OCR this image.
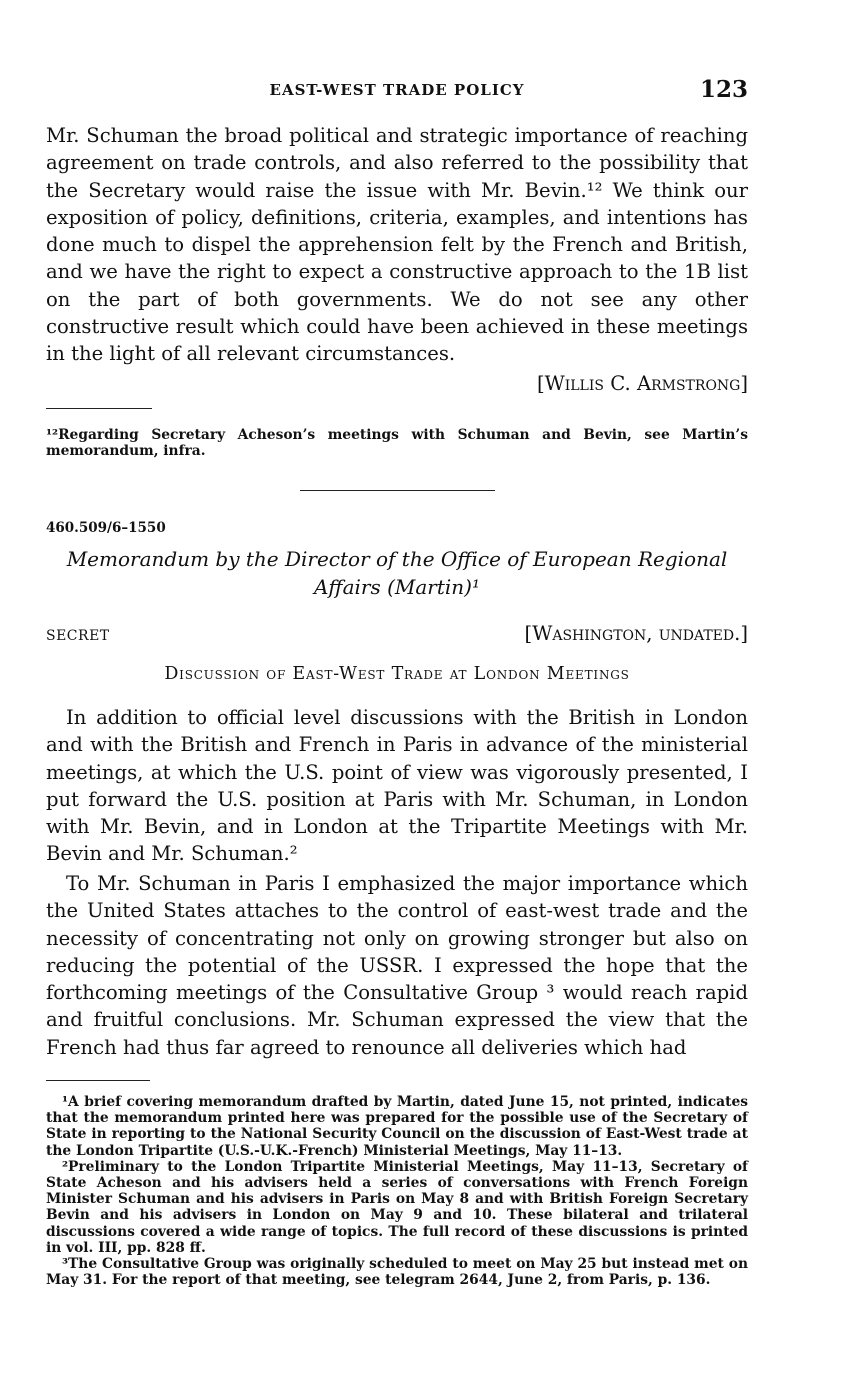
EAST-WEST TRADE POLICY	123

Mr. Schuman the broad political and strategic importance of reaching agreement on trade controls, and also referred to the possibility that the Secretary would raise the issue with Mr. Bevin.¹² We think our exposition of policy, definitions, criteria, examples, and intentions has done much to dispel the apprehension felt by the French and British, and we have the right to expect a constructive approach to the 1B list on the part of both governments. We do not see any other constructive result which could have been achieved in these meetings in the light of all relevant circumstances.

[Willis C. Armstrong]

¹²Regarding Secretary Acheson’s meetings with Schuman and Bevin, see Martin’s memorandum, infra.

460.509/6–1550
Memorandum by the Director of the Office of European Regional Affairs (Martin)¹
SECRET	[Washington, undated.]
Discussion of East-West Trade at London Meetings

In addition to official level discussions with the British in London and with the British and French in Paris in advance of the ministerial meetings, at which the U.S. point of view was vigorously presented, I put forward the U.S. position at Paris with Mr. Schuman, in London with Mr. Bevin, and in London at the Tripartite Meetings with Mr. Bevin and Mr. Schuman.²

To Mr. Schuman in Paris I emphasized the major importance which the United States attaches to the control of east-west trade and the necessity of concentrating not only on growing stronger but also on reducing the potential of the USSR. I expressed the hope that the forthcoming meetings of the Consultative Group ³ would reach rapid and fruitful conclusions. Mr. Schuman expressed the view that the French had thus far agreed to renounce all deliveries which had

¹A brief covering memorandum drafted by Martin, dated June 15, not printed, indicates that the memorandum printed here was prepared for the possible use of the Secretary of State in reporting to the National Security Council on the discussion of East-West trade at the London Tripartite (U.S.-U.K.-French) Ministerial Meetings, May 11–13.

²Preliminary to the London Tripartite Ministerial Meetings, May 11–13, Secretary of State Acheson and his advisers held a series of conversations with French Foreign Minister Schuman and his advisers in Paris on May 8 and with British Foreign Secretary Bevin and his advisers in London on May 9 and 10. These bilateral and trilateral discussions covered a wide range of topics. The full record of these discussions is printed in vol. III, pp. 828 ff.

³The Consultative Group was originally scheduled to meet on May 25 but instead met on May 31. For the report of that meeting, see telegram 2644, June 2, from Paris, p. 136.
